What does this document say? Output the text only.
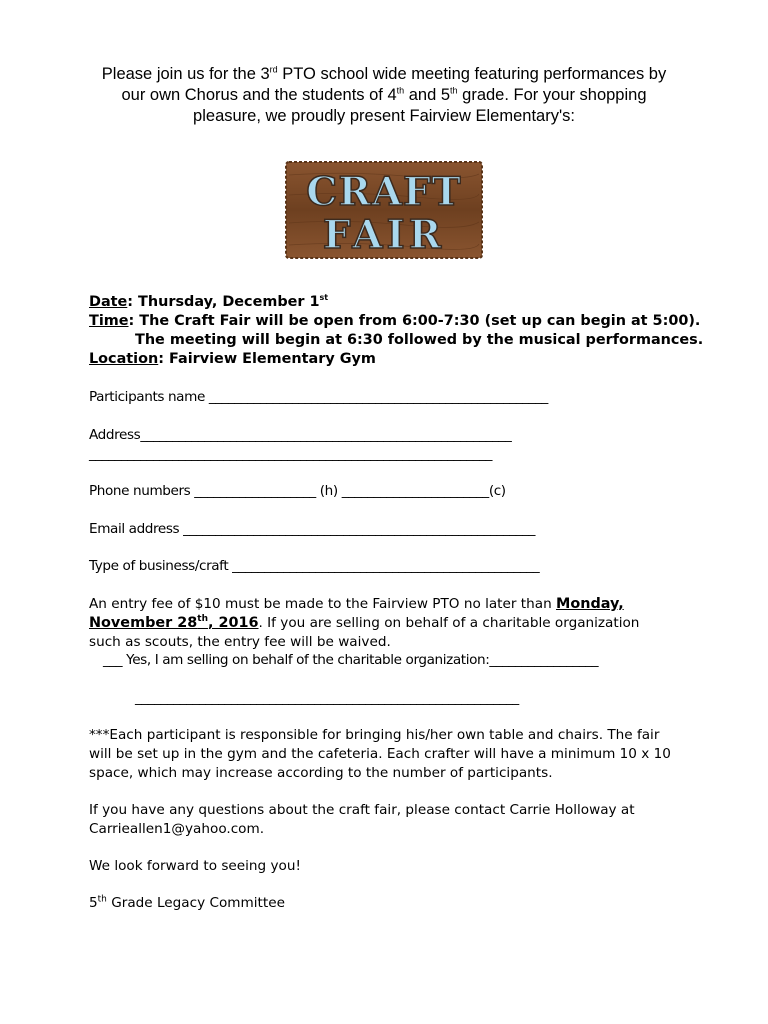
Please join us for the 3rd PTO school wide meeting featuring performances by
our own Chorus and the students of 4th and 5th grade. For your shopping
pleasure, we proudly present Fairview Elementary's:
CRAFT
FAIR
Date: Thursday, December 1st
Time: The Craft Fair will be open from 6:00-7:30 (set up can begin at 5:00).
The meeting will begin at 6:30 followed by the musical performances.
Location: Fairview Elementary Gym
Participants name _____________________________________________________
Address__________________________________________________________
_______________________________________________________________
Phone numbers ___________________ (h) _______________________(c)
Email address _______________________________________________________
Type of business/craft ________________________________________________
An entry fee of $10 must be made to the Fairview PTO no later than Monday, November 28th, 2016. If you are selling on behalf of a charitable organization such as scouts, the entry fee will be waived.
___ Yes, I am selling on behalf of the charitable organization:_________________
____________________________________________________________
***Each participant is responsible for bringing his/her own table and chairs. The fair will be set up in the gym and the cafeteria. Each crafter will have a minimum 10 x 10 space, which may increase according to the number of participants.
If you have any questions about the craft fair, please contact Carrie Holloway at Carrieallen1@yahoo.com.
We look forward to seeing you!
5th Grade Legacy Committee
